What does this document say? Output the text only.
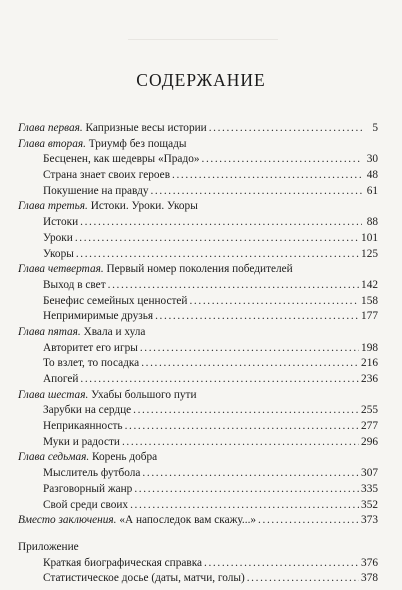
СОДЕРЖАНИЕ
Глава первая. Капризные весы истории . . .	5
Глава вторая. Триумф без пощады
Бесценен, как шедевры «Прадо» . . .	30
Страна знает своих героев . . .	48
Покушение на правду . . .	61
Глава третья. Истоки. Уроки. Укоры
Истоки . . .	88
Уроки . . .	101
Укоры . . .	125
Глава четвертая. Первый номер поколения победителей
Выход в свет . . .	142
Бенефис семейных ценностей . . .	158
Непримиримые друзья . . .	177
Глава пятая. Хвала и хула
Авторитет его игры . . .	198
То взлет, то посадка . . .	216
Апогей . . .	236
Глава шестая. Ухабы большого пути
Зарубки на сердце . . .	255
Неприкаянность . . .	277
Муки и радости . . .	296
Глава седьмая. Корень добра
Мыслитель футбола . . .	307
Разговорный жанр . . .	335
Свой среди своих . . .	352
Вместо заключения. «А напоследок вам скажу...» . . .	373
Приложение
Краткая биографическая справка . . .	376
Статистическое досье (даты, матчи, голы) . . .	378
